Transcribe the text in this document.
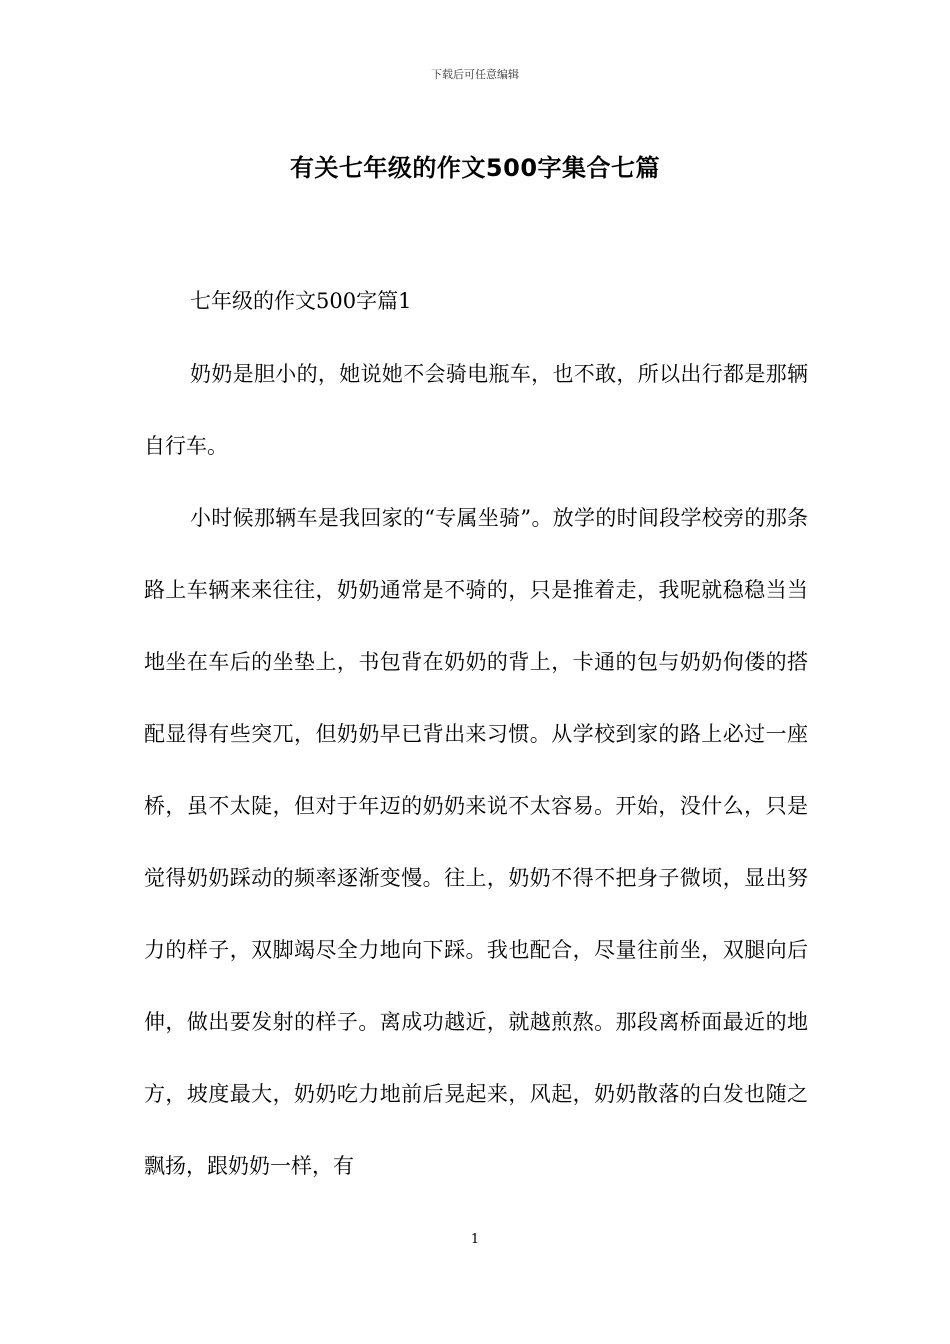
下载后可任意编辑
有关七年级的作文500字集合七篇

七年级的作文500字篇1

奶奶是胆小的，她说她不会骑电瓶车，也不敢，所以出行都是那辆自行车。

小时候那辆车是我回家的“专属坐骑”。放学的时间段学校旁的那条路上车辆来来往往，奶奶通常是不骑的，只是推着走，我呢就稳稳当当地坐在车后的坐垫上，书包背在奶奶的背上，卡通的包与奶奶佝偻的搭配显得有些突兀，但奶奶早已背出来习惯。从学校到家的路上必过一座桥，虽不太陡，但对于年迈的奶奶来说不太容易。开始，没什么，只是觉得奶奶踩动的频率逐渐变慢。往上，奶奶不得不把身子微顷，显出努力的样子，双脚竭尽全力地向下踩。我也配合，尽量往前坐，双腿向后伸，做出要发射的样子。离成功越近，就越煎熬。那段离桥面最近的地方，坡度最大，奶奶吃力地前后晃起来，风起，奶奶散落的白发也随之飘扬，跟奶奶一样，有

1
